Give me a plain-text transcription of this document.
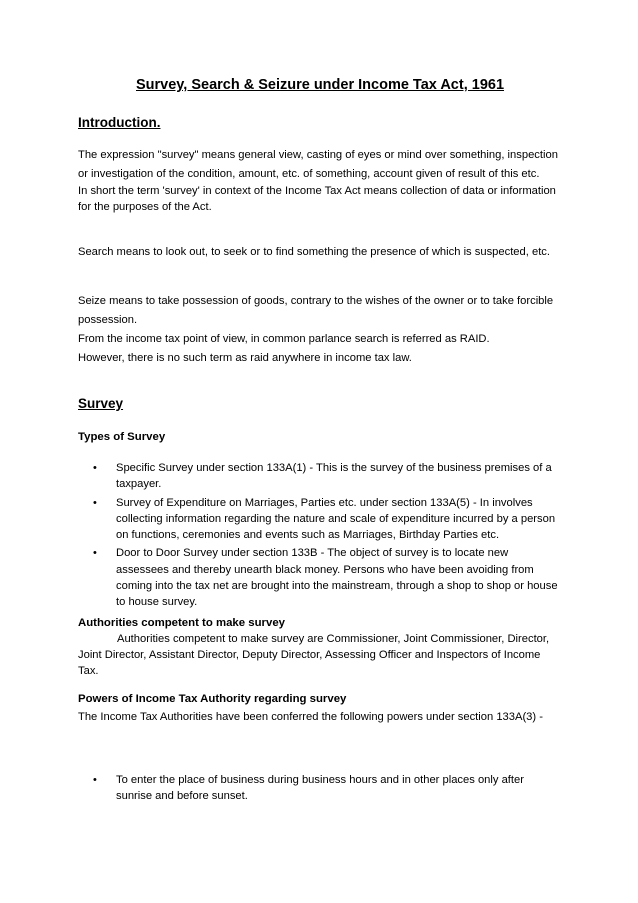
Survey, Search & Seizure under Income Tax Act, 1961
Introduction.

The expression "survey" means general view, casting of eyes or mind over something, inspection or investigation of the condition, amount, etc. of something, account given of result of this etc.

In short the term 'survey' in context of the Income Tax Act means collection of data or information for the purposes of the Act.

Search means to look out, to seek or to find something the presence of which is suspected, etc.

Seize means to take possession of goods, contrary to the wishes of the owner or to take forcible possession.

From the income tax point of view, in common parlance search is referred as RAID.

However, there is no such term as raid anywhere in income tax law.

Survey
Types of Survey
• Specific Survey under section 133A(1) - This is the survey of the business premises of a taxpayer.
• Survey of Expenditure on Marriages, Parties etc. under section 133A(5) - In involves collecting information regarding the nature and scale of expenditure incurred by a person on functions, ceremonies and events such as Marriages, Birthday Parties etc.
• Door to Door Survey under section 133B - The object of survey is to locate new assessees and thereby unearth black money. Persons who have been avoiding from coming into the tax net are brought into the mainstream, through a shop to shop or house to house survey.
Authorities competent to make survey

Authorities competent to make survey are Commissioner, Joint Commissioner, Director, Joint Director, Assistant Director, Deputy Director, Assessing Officer and Inspectors of Income Tax.

Powers of Income Tax Authority regarding survey

The Income Tax Authorities have been conferred the following powers under section 133A(3) -

• To enter the place of business during business hours and in other places only after sunrise and before sunset.
